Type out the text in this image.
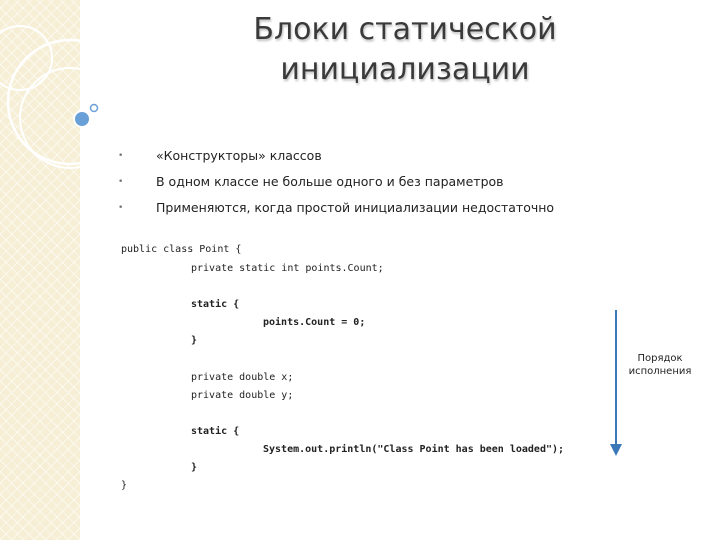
Блоки статической
инициализации
•	«Конструкторы» классов
•	В одном классе не больше одного и без параметров
•	Применяются, когда простой инициализации недостаточно
public class Point {
private static int points.Count;
static {
points.Count = 0;
}
private double x;
private double y;
static {
System.out.println("Class Point has been loaded");
}
}
Порядок исполнения
